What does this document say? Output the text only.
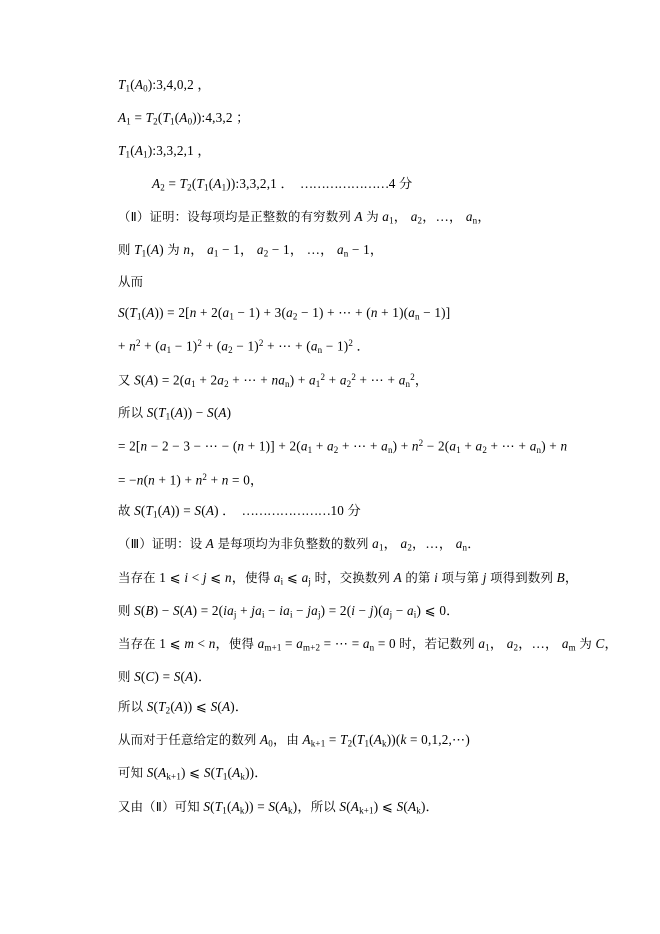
$T_1(A_0):3,4,0,2$ ，
$A_1$ = $T_2(T_1(A_0)):4,3,2$ ；
$T_1(A_1):3,3,2,1$ ，
$A_2$ = $T_2(T_1(A_1)):3,3,2,1$ ．　…………………4 分
（Ⅱ）证明：设每项均是正整数的有穷数列 A 为 $a_1$， $a_2$，…， $a_n$，
则 $T_1(A)$ 为 n， $a_1 - 1$， $a_2 - 1$， …， $a_n - 1$，
从而
$S(T_1(A)) = 2[n + 2(a_1 - 1) + 3(a_2 - 1)$ + ⋯ + $(n + 1)(a_n - 1)$]
+ $n^2 + (a_1 - 1)^2 + (a_2 - 1)^2$ + ⋯ + $(a_n - 1)^2$ ．
又 $S(A) = 2(a_1 + 2a_2$ + ⋯ + $na_n) + a_1^2 + a_2^2$ + ⋯ + $a_n^2$，
所以 $S(T_1(A)) - S(A)$
= 2[n − 2 − 3 − ⋯ − $(n + 1)] + 2(a_1 + a_2$ + ⋯ + $a_n) + n^2 - 2(a_1 + a_2$ + ⋯ + $a_n) + n$
= $-n(n + 1) + n^2 + n = 0$，
故 $S(T_1(A)) = S(A)$ ．　…………………10 分
（Ⅲ）证明：设 A 是每项均为非负整数的数列 $a_1$， $a_2$，…， $a_n$．
当存在 1 ⩽ i < j ⩽ n，使得 $a_i$ ⩽ $a_j$ 时，交换数列 A 的第 i 项与第 j 项得到数列 B，
则 $S(B) - S(A) = 2(ia_j + ja_i - ia_i - ja_j) = 2(i - j)(a_j - a_i)$ ⩽ 0．
当存在 1 ⩽ m < n，使得 $a_{m+1} = a_{m+2}$ = ⋯ = $a_n = 0$ 时，若记数列 $a_1$， $a_2$，…， $a_m$ 为 C，
则 S(C) = S(A)．
所以 $S(T_2(A))$ ⩽ S(A)．
从而对于任意给定的数列 $A_0$，由 $A_{k+1} = T_2(T_1(A_k))(k$ = 0,1,2,⋯)
可知 $S(A_{k+1})$ ⩽ $S(T_1(A_k))$．
又由（Ⅱ）可知 $S(T_1(A_k)) = S(A_k)$，所以 $S(A_{k+1})$ ⩽ $S(A_k)$．
